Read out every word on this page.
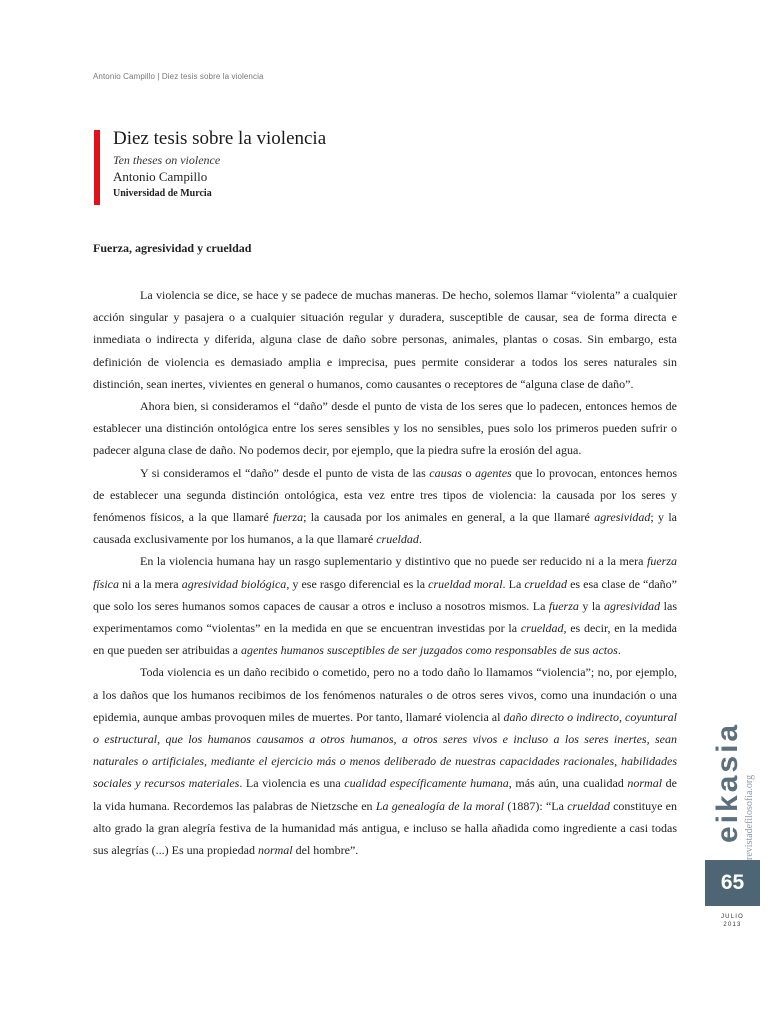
Antonio Campillo | Diez tesis sobre la violencia
Diez tesis sobre la violencia
Ten theses on violence
Antonio Campillo
Universidad de Murcia
Fuerza, agresividad y crueldad

La violencia se dice, se hace y se padece de muchas maneras. De hecho, solemos llamar “violenta” a cualquier acción singular y pasajera o a cualquier situación regular y duradera, susceptible de causar, sea de forma directa e inmediata o indirecta y diferida, alguna clase de daño sobre personas, animales, plantas o cosas. Sin embargo, esta definición de violencia es demasiado amplia e imprecisa, pues permite considerar a todos los seres naturales sin distinción, sean inertes, vivientes en general o humanos, como causantes o receptores de “alguna clase de daño”.

Ahora bien, si consideramos el “daño” desde el punto de vista de los seres que lo padecen, entonces hemos de establecer una distinción ontológica entre los seres sensibles y los no sensibles, pues solo los primeros pueden sufrir o padecer alguna clase de daño. No podemos decir, por ejemplo, que la piedra sufre la erosión del agua.

Y si consideramos el “daño” desde el punto de vista de las causas o agentes que lo provocan, entonces hemos de establecer una segunda distinción ontológica, esta vez entre tres tipos de violencia: la causada por los seres y fenómenos físicos, a la que llamaré fuerza; la causada por los animales en general, a la que llamaré agresividad; y la causada exclusivamente por los humanos, a la que llamaré crueldad.

En la violencia humana hay un rasgo suplementario y distintivo que no puede ser reducido ni a la mera fuerza física ni a la mera agresividad biológica, y ese rasgo diferencial es la crueldad moral. La crueldad es esa clase de “daño” que solo los seres humanos somos capaces de causar a otros e incluso a nosotros mismos. La fuerza y la agresividad las experimentamos como “violentas” en la medida en que se encuentran investidas por la crueldad, es decir, en la medida en que pueden ser atribuidas a agentes humanos susceptibles de ser juzgados como responsables de sus actos.

Toda violencia es un daño recibido o cometido, pero no a todo daño lo llamamos “violencia”; no, por ejemplo, a los daños que los humanos recibimos de los fenómenos naturales o de otros seres vivos, como una inundación o una epidemia, aunque ambas provoquen miles de muertes. Por tanto, llamaré violencia al daño directo o indirecto, coyuntural o estructural, que los humanos causamos a otros humanos, a otros seres vivos e incluso a los seres inertes, sean naturales o artificiales, mediante el ejercicio más o menos deliberado de nuestras capacidades racionales, habilidades sociales y recursos materiales. La violencia es una cualidad específicamente humana, más aún, una cualidad normal de la vida humana. Recordemos las palabras de Nietzsche en La genealogía de la moral (1887): “La crueldad constituye en alto grado la gran alegría festiva de la humanidad más antigua, e incluso se halla añadida como ingrediente a casi todas sus alegrías (...) Es una propiedad normal del hombre”.

eikasia revistadefilosofia.org
65
JULIO
2013
